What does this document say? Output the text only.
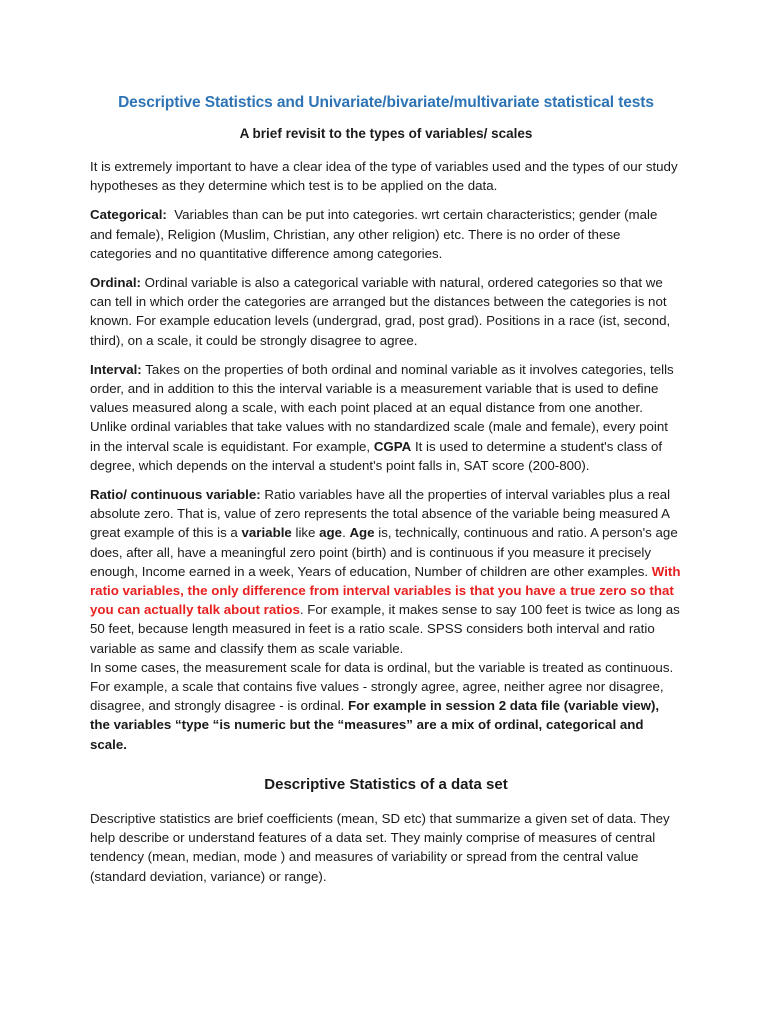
Descriptive Statistics and Univariate/bivariate/multivariate statistical tests
A brief revisit to the types of variables/ scales

It is extremely important to have a clear idea of the type of variables used and the types of our study hypotheses as they determine which test is to be applied on the data.

Categorical:  Variables than can be put into categories. wrt certain characteristics; gender (male and female), Religion (Muslim, Christian, any other religion) etc. There is no order of these categories and no quantitative difference among categories.

Ordinal: Ordinal variable is also a categorical variable with natural, ordered categories so that we can tell in which order the categories are arranged but the distances between the categories is not known. For example education levels (undergrad, grad, post grad). Positions in a race (ist, second, third), on a scale, it could be strongly disagree to agree.

Interval: Takes on the properties of both ordinal and nominal variable as it involves categories, tells order, and in addition to this the interval variable is a measurement variable that is used to define values measured along a scale, with each point placed at an equal distance from one another. Unlike ordinal variables that take values with no standardized scale (male and female), every point in the interval scale is equidistant. For example, CGPA It is used to determine a student's class of degree, which depends on the interval a student's point falls in, SAT score (200-800).

Ratio/ continuous variable: Ratio variables have all the properties of interval variables plus a real absolute zero. That is, value of zero represents the total absence of the variable being measured A great example of this is a variable like age. Age is, technically, continuous and ratio. A person's age does, after all, have a meaningful zero point (birth) and is continuous if you measure it precisely enough, Income earned in a week, Years of education, Number of children are other examples. With ratio variables, the only difference from interval variables is that you have a true zero so that you can actually talk about ratios. For example, it makes sense to say 100 feet is twice as long as 50 feet, because length measured in feet is a ratio scale. SPSS considers both interval and ratio variable as same and classify them as scale variable.

In some cases, the measurement scale for data is ordinal, but the variable is treated as continuous. For example, a scale that contains five values - strongly agree, agree, neither agree nor disagree, disagree, and strongly disagree - is ordinal. For example in session 2 data file (variable view), the variables “type “is numeric but the “measures” are a mix of ordinal, categorical and scale.

Descriptive Statistics of a data set

Descriptive statistics are brief coefficients (mean, SD etc) that summarize a given set of data. They help describe or understand features of a data set. They mainly comprise of measures of central tendency (mean, median, mode ) and measures of variability or spread from the central value (standard deviation, variance) or range).
